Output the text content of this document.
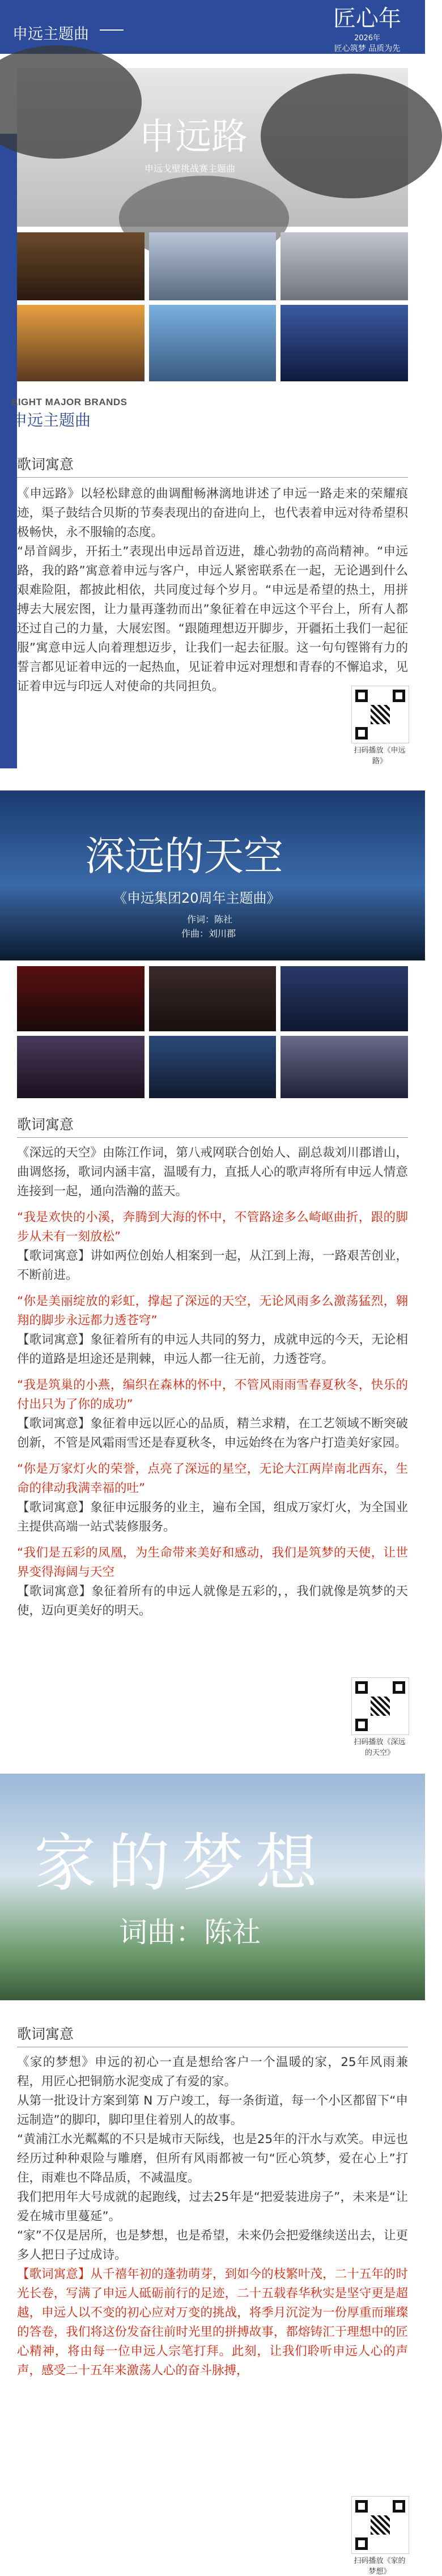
申远主题曲
匠心年
2026年
匠心筑梦 品质为先
申远路
申远戈壁挑战赛主题曲
EIGHT MAJOR BRANDS
申远主题曲
歌词寓意

《申远路》以轻松肆意的曲调酣畅淋漓地讲述了申远一路走来的荣耀痕迹，渠子鼓结合贝斯的节奏表现出的奋进向上，也代表着申远对待希望积极畅快，永不服输的态度。

“昂首阔步，开拓土”表现出申远昂首迈进，雄心勃勃的高尚精神。“申远路，我的路”寓意着申远与客户，申远人紧密联系在一起，无论遇到什么艰难险阻，都披此相依，共同度过每个岁月。“申远是希望的热土，用拼搏去大展宏图，让力量再蓬勃而出”象征着在申远这个平台上，所有人都还过自己的力量，大展宏图。“跟随理想迈开脚步，开疆拓土我们一起征服”寓意申远人向着理想迈步，让我们一起去征服。这一句句铿锵有力的誓言都见证着申远的一起热血，见证着申远对理想和青春的不懈追求，见证着申远与印远人对使命的共同担负。

扫码播放《申远路》
深远的天空
《申远集团20周年主题曲》
作词：陈社
作曲：刘川郡
歌词寓意

《深远的天空》由陈江作词，第八戒网联合创始人、副总裁刘川郡谱山，曲调悠扬，歌词内涵丰富，温暖有力，直抵人心的歌声将所有申远人情意连接到一起，通向浩瀚的蓝天。

“我是欢快的小溪，奔腾到大海的怀中，不管路途多么崎岖曲折，跟的脚步从未有一刻放松”

【歌词寓意】讲如两位创始人相案到一起，从江到上海，一路艰苦创业，不断前进。

“你是美丽绽放的彩虹，撑起了深远的天空，无论风雨多么激荡猛烈，翱翔的脚步永远都力透苍穹”

【歌词寓意】象征着所有的申远人共同的努力，成就申远的今天，无论相伴的道路是坦途还是荆棘，申远人都一往无前，力透苍穹。

“我是筑巢的小燕，编织在森林的怀中，不管风雨雨雪春夏秋冬，快乐的付出只为了你的成功”

【歌词寓意】象征着申远以匠心的品质，精兰求精，在工艺领域不断突破创新，不管是风霜雨雪还是春夏秋冬，申远始终在为客户打造美好家园。

“你是万家灯火的荣誉，点亮了深远的星空，无论大江两岸南北西东，生命的律动我满幸福的吐”

【歌词寓意】象征申远服务的业主，遍布全国，组成万家灯火，为全国业主提供高端一站式装修服务。

“我们是五彩的凤凰，为生命带来美好和感动，我们是筑梦的天使，让世界变得海阔与天空

【歌词寓意】象征着所有的申远人就像是五彩的，，我们就像是筑梦的天使，迈向更美好的明天。

扫码播放《深远的天空》
家的梦想
词曲：陈社
歌词寓意

《家的梦想》申远的初心一直是想给客户一个温暖的家，25年风雨兼程，用匠心把铜筋水泥变成了有爱的家。

从第一批设计方案到第 N 万户竣工，每一条街道，每一个小区都留下“申远制造”的脚印，脚印里住着别人的故事。

“黄浦江水光粼粼的不只是城市天际线，也是25年的汗水与欢笑。申远也经历过种种艰险与雕磨，但所有风雨都被一句“匠心筑梦，爱在心上”打住，雨难也不降品质，不减温度。

我们把用年大号成就的起跑线，过去25年是“把爱装进房子”，未来是“让爱在城市里蔓延”。

“家”不仅是居所，也是梦想，也是希望，未来仍会把爱继续送出去，让更多人把日子过成诗。

【歌词寓意】从千禧年初的蓬勃萌芽，到如今的枝繁叶茂，二十五年的时光长卷，写满了申远人砥砺前行的足迹，二十五载春华秋实是坚守更是超越，申远人以不变的初心应对万变的挑战，将季月沉淀为一份厚重而璀璨的答卷，我们将这份发奋往前时光里的拼搏故事，都熔铸汇于理想中的匠心精神，将由每一位申远人宗笔打拜。此刻，让我们聆听申远人心的声声，感受二十五年来激荡人心的奋斗脉搏，

扫码播放《家的梦想》
